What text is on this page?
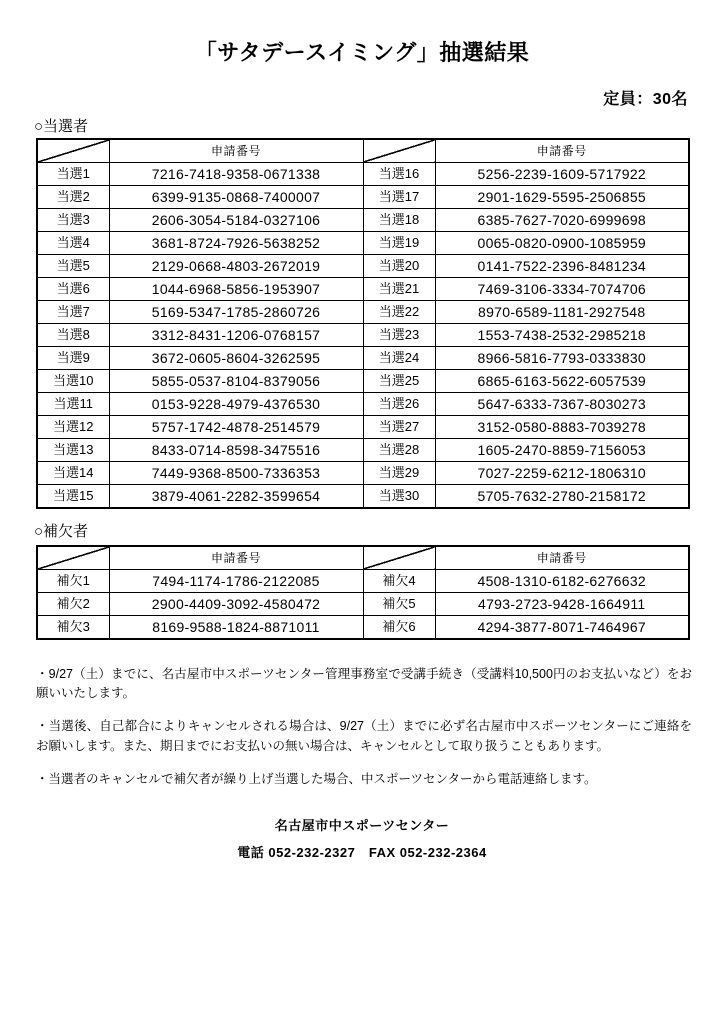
「サタデースイミング」抽選結果
定員：30名
○当選者
	申請番号		申請番号
当選1	7216-7418-9358-0671338	当選16	5256-2239-1609-5717922
当選2	6399-9135-0868-7400007	当選17	2901-1629-5595-2506855
当選3	2606-3054-5184-0327106	当選18	6385-7627-7020-6999698
当選4	3681-8724-7926-5638252	当選19	0065-0820-0900-1085959
当選5	2129-0668-4803-2672019	当選20	0141-7522-2396-8481234
当選6	1044-6968-5856-1953907	当選21	7469-3106-3334-7074706
当選7	5169-5347-1785-2860726	当選22	8970-6589-1181-2927548
当選8	3312-8431-1206-0768157	当選23	1553-7438-2532-2985218
当選9	3672-0605-8604-3262595	当選24	8966-5816-7793-0333830
当選10	5855-0537-8104-8379056	当選25	6865-6163-5622-6057539
当選11	0153-9228-4979-4376530	当選26	5647-6333-7367-8030273
当選12	5757-1742-4878-2514579	当選27	3152-0580-8883-7039278
当選13	8433-0714-8598-3475516	当選28	1605-2470-8859-7156053
当選14	7449-9368-8500-7336353	当選29	7027-2259-6212-1806310
当選15	3879-4061-2282-3599654	当選30	5705-7632-2780-2158172
○補欠者
	申請番号		申請番号
補欠1	7494-1174-1786-2122085	補欠4	4508-1310-6182-6276632
補欠2	2900-4409-3092-4580472	補欠5	4793-2723-9428-1664911
補欠3	8169-9588-1824-8871011	補欠6	4294-3877-8071-7464967

・9/27（土）までに、名古屋市中スポーツセンター管理事務室で受講手続き（受講料10,500円のお支払いなど）をお願いいたします。

・当選後、自己都合によりキャンセルされる場合は、9/27（土）までに必ず名古屋市中スポーツセンターにご連絡をお願いします。また、期日までにお支払いの無い場合は、キャンセルとして取り扱うこともあります。

・当選者のキャンセルで補欠者が繰り上げ当選した場合、中スポーツセンターから電話連絡します。

名古屋市中スポーツセンター
電話 052-232-2327　FAX 052-232-2364
